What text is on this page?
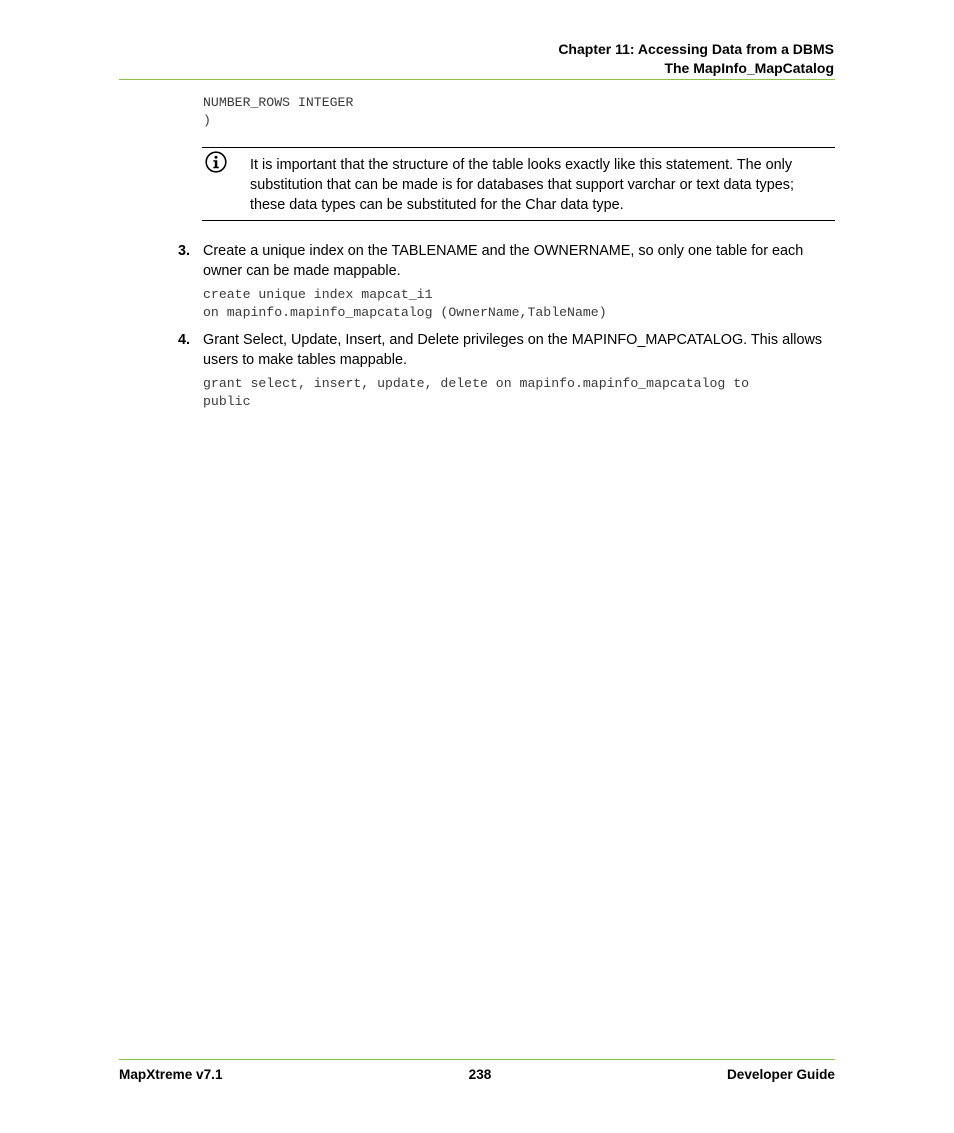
Chapter 11: Accessing Data from a DBMS
The MapInfo_MapCatalog
NUMBER_ROWS INTEGER
)
It is important that the structure of the table looks exactly like this statement. The only substitution that can be made is for databases that support varchar or text data types; these data types can be substituted for the Char data type.
3. Create a unique index on the TABLENAME and the OWNERNAME, so only one table for each owner can be made mappable.
create unique index mapcat_i1
on mapinfo.mapinfo_mapcatalog (OwnerName,TableName)
4. Grant Select, Update, Insert, and Delete privileges on the MAPINFO_MAPCATALOG. This allows users to make tables mappable.
grant select, insert, update, delete on mapinfo.mapinfo_mapcatalog to
public
MapXtreme v7.1	238	Developer Guide
